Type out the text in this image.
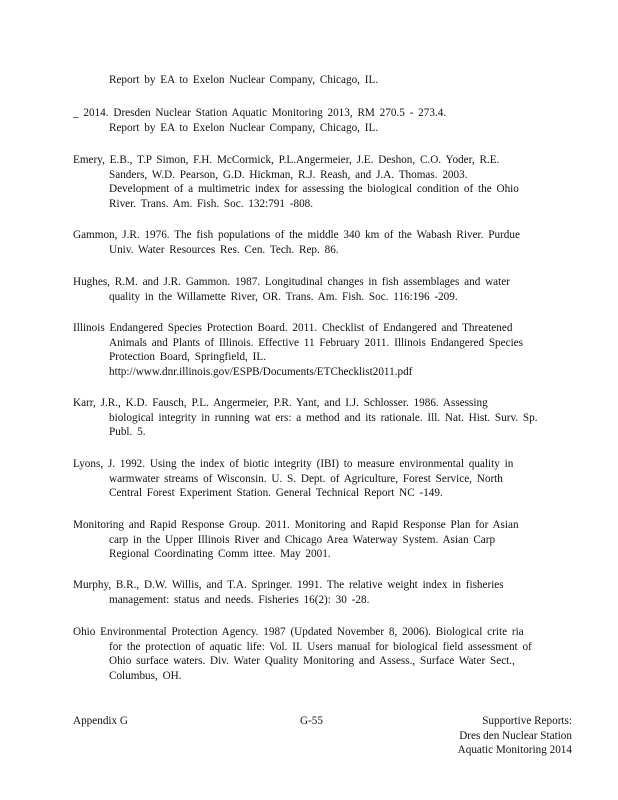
Report by EA to Exelon Nuclear Company, Chicago, IL.
_ 2014. Dresden Nuclear Station Aquatic Monitoring 2013, RM 270.5 - 273.4.
Report by EA to Exelon Nuclear Company, Chicago, IL.
Emery, E.B., T.P Simon, F.H. McCormick, P.L.Angermeier, J.E. Deshon, C.O. Yoder, R.E.
Sanders, W.D. Pearson, G.D. Hickman, R.J. Reash, and J.A. Thomas. 2003.
Development of a multimetric index for assessing the biological condition of the Ohio
River. Trans. Am. Fish. Soc. 132:791 -808.
Gammon, J.R. 1976. The fish populations of the middle 340 km of the Wabash River. Purdue
Univ. Water Resources Res. Cen. Tech. Rep. 86.
Hughes, R.M. and J.R. Gammon. 1987. Longitudinal changes in fish assemblages and water
quality in the Willamette River, OR. Trans. Am. Fish. Soc. 116:196 -209.
Illinois Endangered Species Protection Board. 2011. Checklist of Endangered and Threatened
Animals and Plants of Illinois. Effective 11 February 2011. Illinois Endangered Species
Protection Board, Springfield, IL.
http://www.dnr.illinois.gov/ESPB/Documents/ETChecklist2011.pdf
Karr, J.R., K.D. Fausch, P.L. Angermeier, P.R. Yant, and I.J. Schlosser. 1986. Assessing
biological integrity in running wat ers: a method and its rationale. Ill. Nat. Hist. Surv. Sp.
Publ. 5.
Lyons, J. 1992. Using the index of biotic integrity (IBI) to measure environmental quality in
warmwater streams of Wisconsin. U. S. Dept. of Agriculture, Forest Service, North
Central Forest Experiment Station. General Technical Report NC -149.
Monitoring and Rapid Response Group. 2011. Monitoring and Rapid Response Plan for Asian
carp in the Upper Illinois River and Chicago Area Waterway System. Asian Carp
Regional Coordinating Comm ittee. May 2001.
Murphy, B.R., D.W. Willis, and T.A. Springer. 1991. The relative weight index in fisheries
management: status and needs. Fisheries 16(2): 30 -28.
Ohio Environmental Protection Agency. 1987 (Updated November 8, 2006). Biological crite ria
for the protection of aquatic life: Vol. II. Users manual for biological field assessment of
Ohio surface waters. Div. Water Quality Monitoring and Assess., Surface Water Sect.,
Columbus, OH.
Appendix G	G-55	Supportive Reports:
Dres den Nuclear Station
Aquatic Monitoring 2014
